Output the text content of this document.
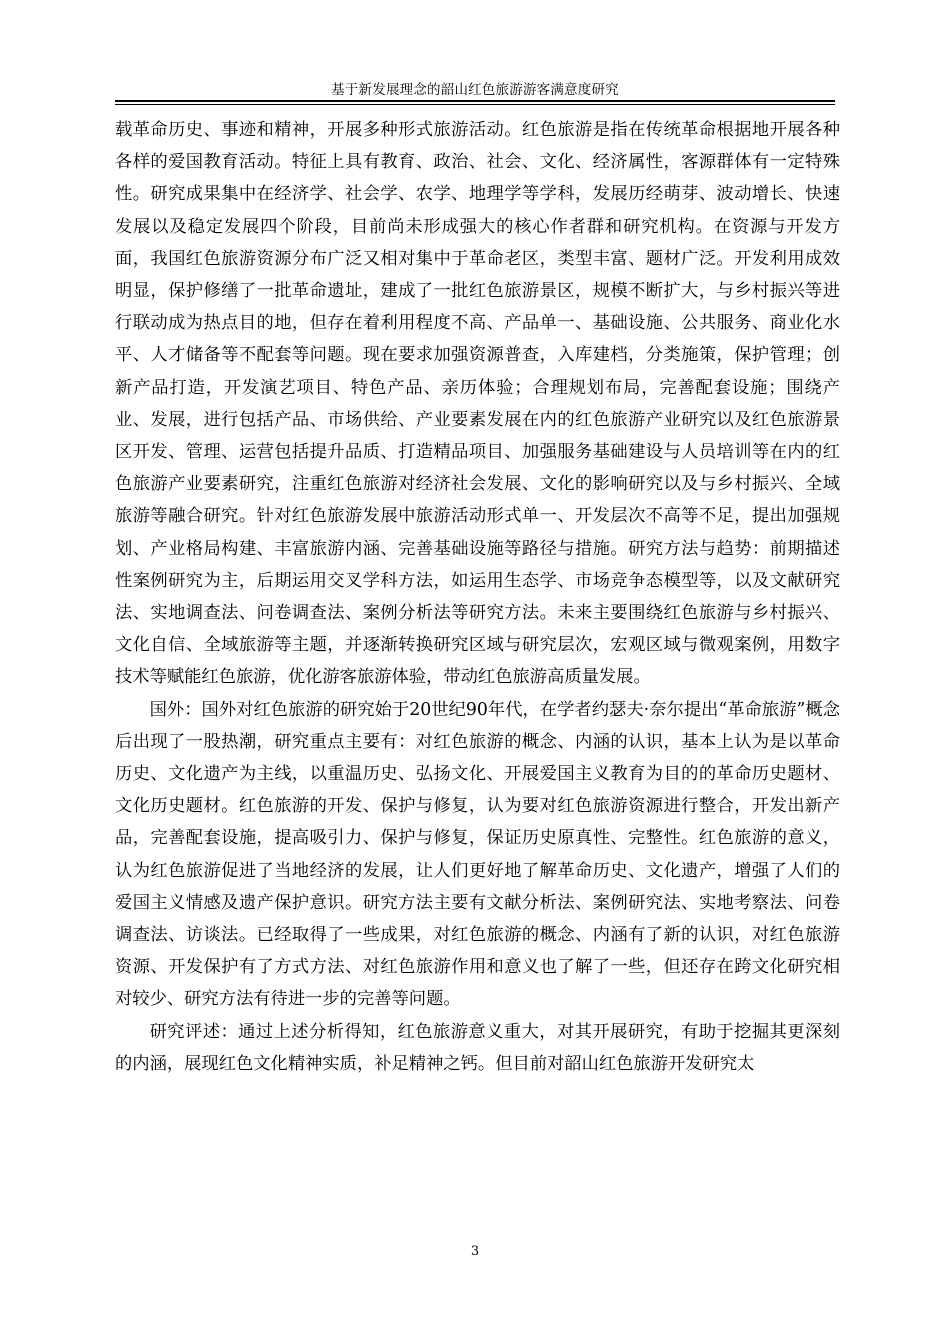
基于新发展理念的韶山红色旅游游客满意度研究

载革命历史、事迹和精神，开展多种形式旅游活动。红色旅游是指在传统革命根据地开展各种各样的爱国教育活动。特征上具有教育、政治、社会、文化、经济属性，客源群体有一定特殊性。研究成果集中在经济学、社会学、农学、地理学等学科，发展历经萌芽、波动增长、快速发展以及稳定发展四个阶段，目前尚未形成强大的核心作者群和研究机构。在资源与开发方面，我国红色旅游资源分布广泛又相对集中于革命老区，类型丰富、题材广泛。开发利用成效明显，保护修缮了一批革命遗址，建成了一批红色旅游景区，规模不断扩大，与乡村振兴等进行联动成为热点目的地，但存在着利用程度不高、产品单一、基础设施、公共服务、商业化水平、人才储备等不配套等问题。现在要求加强资源普查，入库建档，分类施策，保护管理；创新产品打造，开发演艺项目、特色产品、亲历体验；合理规划布局，完善配套设施；围绕产业、发展，进行包括产品、市场供给、产业要素发展在内的红色旅游产业研究以及红色旅游景区开发、管理、运营包括提升品质、打造精品项目、加强服务基础建设与人员培训等在内的红色旅游产业要素研究，注重红色旅游对经济社会发展、文化的影响研究以及与乡村振兴、全域旅游等融合研究。针对红色旅游发展中旅游活动形式单一、开发层次不高等不足，提出加强规划、产业格局构建、丰富旅游内涵、完善基础设施等路径与措施。研究方法与趋势：前期描述性案例研究为主，后期运用交叉学科方法，如运用生态学、市场竞争态模型等，以及文献研究法、实地调查法、问卷调查法、案例分析法等研究方法。未来主要围绕红色旅游与乡村振兴、文化自信、全域旅游等主题，并逐渐转换研究区域与研究层次，宏观区域与微观案例，用数字技术等赋能红色旅游，优化游客旅游体验，带动红色旅游高质量发展。

国外：国外对红色旅游的研究始于20世纪90年代，在学者约瑟夫·奈尔提出“革命旅游”概念后出现了一股热潮，研究重点主要有：对红色旅游的概念、内涵的认识，基本上认为是以革命历史、文化遗产为主线，以重温历史、弘扬文化、开展爱国主义教育为目的的革命历史题材、文化历史题材。红色旅游的开发、保护与修复，认为要对红色旅游资源进行整合，开发出新产品，完善配套设施，提高吸引力、保护与修复，保证历史原真性、完整性。红色旅游的意义，认为红色旅游促进了当地经济的发展，让人们更好地了解革命历史、文化遗产，增强了人们的爱国主义情感及遗产保护意识。研究方法主要有文献分析法、案例研究法、实地考察法、问卷调查法、访谈法。已经取得了一些成果，对红色旅游的概念、内涵有了新的认识，对红色旅游资源、开发保护有了方式方法、对红色旅游作用和意义也了解了一些，但还存在跨文化研究相对较少、研究方法有待进一步的完善等问题。

研究评述：通过上述分析得知，红色旅游意义重大，对其开展研究，有助于挖掘其更深刻的内涵，展现红色文化精神实质，补足精神之钙。但目前对韶山红色旅游开发研究太

3
